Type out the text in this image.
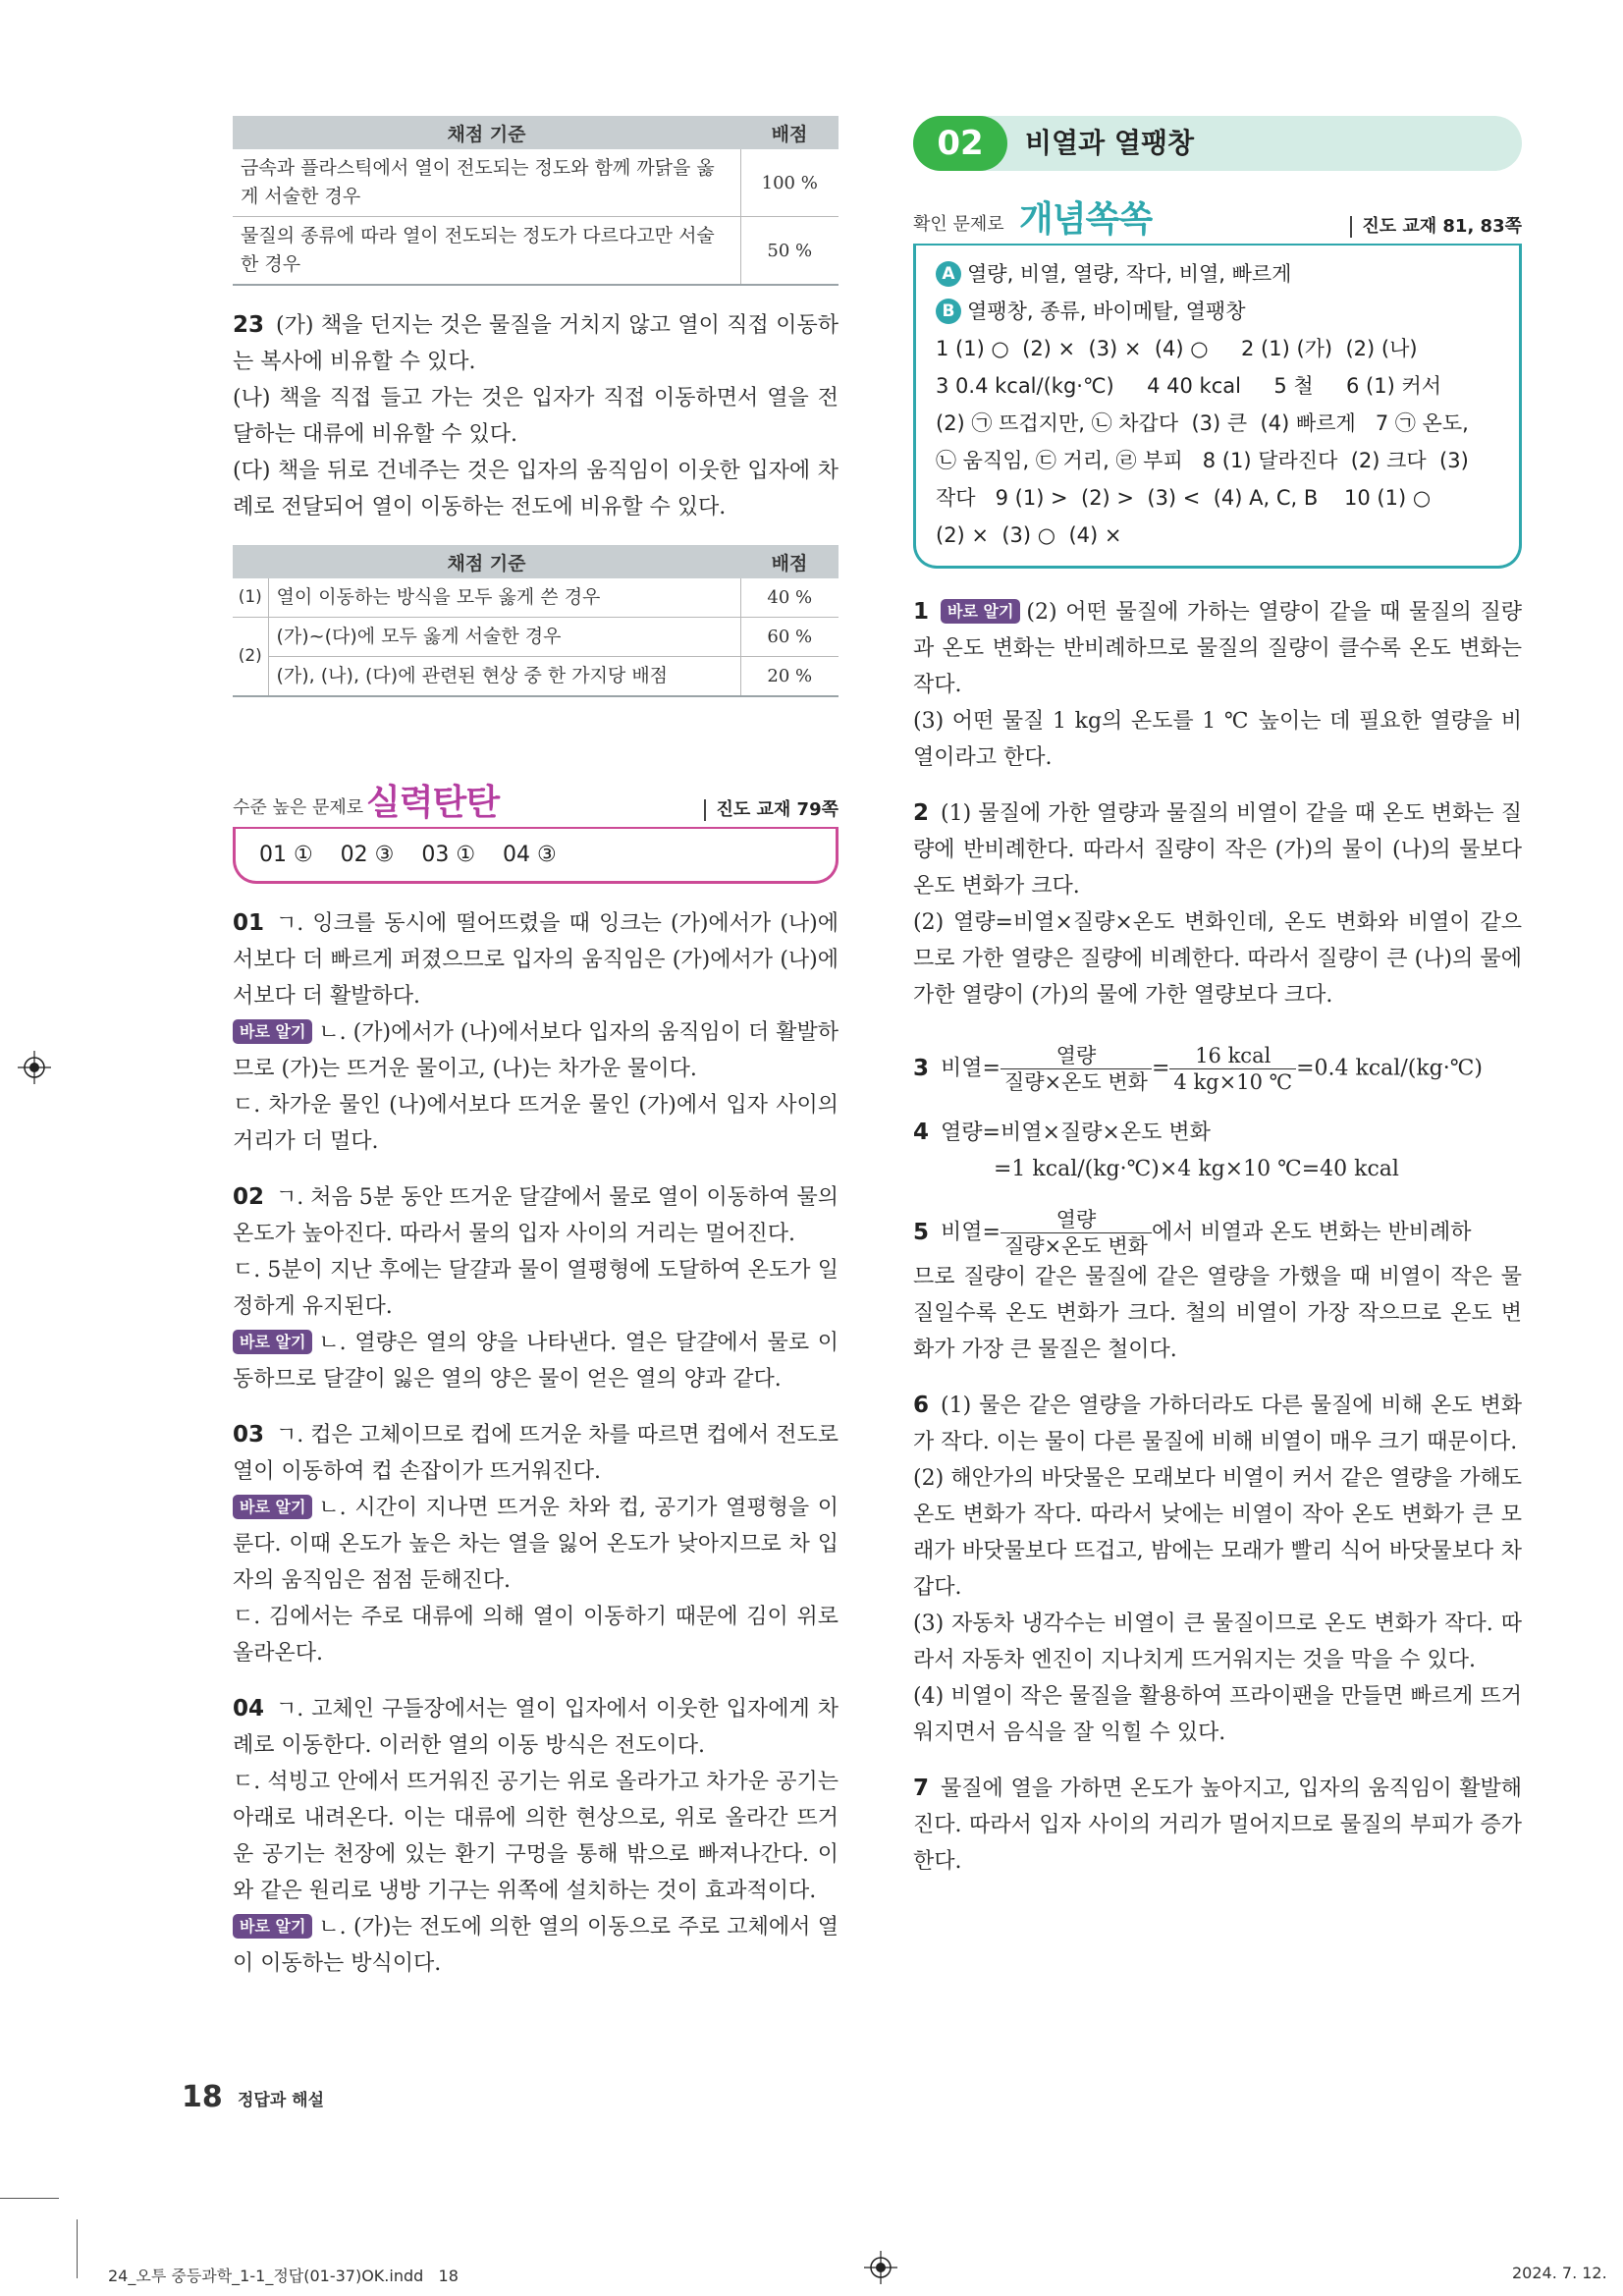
채점 기준	배점
금속과 플라스틱에서 열이 전도되는 정도와 함께 까닭을 옳게 서술한 경우	100 %
물질의 종류에 따라 열이 전도되는 정도가 다르다고만 서술한 경우	50 %
23 (가) 책을 던지는 것은 물질을 거치지 않고 열이 직접 이동하는 복사에 비유할 수 있다.
(나) 책을 직접 들고 가는 것은 입자가 직접 이동하면서 열을 전달하는 대류에 비유할 수 있다.
(다) 책을 뒤로 건네주는 것은 입자의 움직임이 이웃한 입자에 차례로 전달되어 열이 이동하는 전도에 비유할 수 있다.
채점 기준		배점
(1)	열이 이동하는 방식을 모두 옳게 쓴 경우	40 %
(2)	(가)~(다)에 모두 옳게 서술한 경우	60 %
	(가), (나), (다)에 관련된 현상 중 한 가지당 배점	20 %
수준 높은 문제로 실력탄탄	진도 교재 79쪽
01 ①    02 ③    03 ①    04 ③
01 ㄱ. 잉크를 동시에 떨어뜨렸을 때 잉크는 (가)에서가 (나)에서보다 더 빠르게 퍼졌으므로 입자의 움직임은 (가)에서가 (나)에서보다 더 활발하다.
바로 알기 ㄴ. (가)에서가 (나)에서보다 입자의 움직임이 더 활발하므로 (가)는 뜨거운 물이고, (나)는 차가운 물이다.
ㄷ. 차가운 물인 (나)에서보다 뜨거운 물인 (가)에서 입자 사이의 거리가 더 멀다.
02 ㄱ. 처음 5분 동안 뜨거운 달걀에서 물로 열이 이동하여 물의 온도가 높아진다. 따라서 물의 입자 사이의 거리는 멀어진다.
ㄷ. 5분이 지난 후에는 달걀과 물이 열평형에 도달하여 온도가 일정하게 유지된다.
바로 알기 ㄴ. 열량은 열의 양을 나타낸다. 열은 달걀에서 물로 이동하므로 달걀이 잃은 열의 양은 물이 얻은 열의 양과 같다.
03 ㄱ. 컵은 고체이므로 컵에 뜨거운 차를 따르면 컵에서 전도로 열이 이동하여 컵 손잡이가 뜨거워진다.
바로 알기 ㄴ. 시간이 지나면 뜨거운 차와 컵, 공기가 열평형을 이룬다. 이때 온도가 높은 차는 열을 잃어 온도가 낮아지므로 차 입자의 움직임은 점점 둔해진다.
ㄷ. 김에서는 주로 대류에 의해 열이 이동하기 때문에 김이 위로 올라온다.
04 ㄱ. 고체인 구들장에서는 열이 입자에서 이웃한 입자에게 차례로 이동한다. 이러한 열의 이동 방식은 전도이다.
ㄷ. 석빙고 안에서 뜨거워진 공기는 위로 올라가고 차가운 공기는 아래로 내려온다. 이는 대류에 의한 현상으로, 위로 올라간 뜨거운 공기는 천장에 있는 환기 구멍을 통해 밖으로 빠져나간다. 이와 같은 원리로 냉방 기구는 위쪽에 설치하는 것이 효과적이다.
바로 알기 ㄴ. (가)는 전도에 의한 열의 이동으로 주로 고체에서 열이 이동하는 방식이다.
02	비열과 열팽창
확인 문제로 개념쏙쏙	진도 교재 81, 83쪽
A 열량, 비열, 열량, 작다, 비열, 빠르게
B 열팽창, 종류, 바이메탈, 열팽창
1 (1) ○  (2) ×  (3) ×  (4) ○     2 (1) (가)  (2) (나)
3 0.4 kcal/(kg·℃)     4 40 kcal     5 철     6 (1) 커서
(2) ㉠ 뜨겁지만, ㉡ 차갑다  (3) 큰  (4) 빠르게   7 ㉠ 온도,
㉡ 움직임, ㉢ 거리, ㉣ 부피   8 (1) 달라진다  (2) 크다  (3)
작다   9 (1) >  (2) >  (3) <  (4) A, C, B    10 (1) ○
(2) ×  (3) ○  (4) ×
1 바로 알기 (2) 어떤 물질에 가하는 열량이 같을 때 물질의 질량과 온도 변화는 반비례하므로 물질의 질량이 클수록 온도 변화는 작다.
(3) 어떤 물질 1 kg의 온도를 1 ℃ 높이는 데 필요한 열량을 비열이라고 한다.
2 (1) 물질에 가한 열량과 물질의 비열이 같을 때 온도 변화는 질량에 반비례한다. 따라서 질량이 작은 (가)의 물이 (나)의 물보다 온도 변화가 크다.
(2) 열량=비열×질량×온도 변화인데, 온도 변화와 비열이 같으므로 가한 열량은 질량에 비례한다. 따라서 질량이 큰 (나)의 물에 가한 열량이 (가)의 물에 가한 열량보다 크다.
3 비열= $\frac{\text{열량}}{\text{질량×온도 변화}} = \frac{\text{16 kcal}}{4 kg\times 10 ℃} =0.4$ kcal/(kg·℃)
4 열량=비열×질량×온도 변화
=1 kcal/(kg·℃)×4 kg×10 ℃=40 kcal
5 비열= $\frac{\text{열량}}{\text{질량×온도 변화}}$ 에서 비열과 온도 변화는 반비례하
므로 질량이 같은 물질에 같은 열량을 가했을 때 비열이 작은 물질일수록 온도 변화가 크다. 철의 비열이 가장 작으므로 온도 변화가 가장 큰 물질은 철이다.
6 (1) 물은 같은 열량을 가하더라도 다른 물질에 비해 온도 변화가 작다. 이는 물이 다른 물질에 비해 비열이 매우 크기 때문이다.
(2) 해안가의 바닷물은 모래보다 비열이 커서 같은 열량을 가해도 온도 변화가 작다. 따라서 낮에는 비열이 작아 온도 변화가 큰 모래가 바닷물보다 뜨겁고, 밤에는 모래가 빨리 식어 바닷물보다 차갑다.
(3) 자동차 냉각수는 비열이 큰 물질이므로 온도 변화가 작다. 따라서 자동차 엔진이 지나치게 뜨거워지는 것을 막을 수 있다.
(4) 비열이 작은 물질을 활용하여 프라이팬을 만들면 빠르게 뜨거워지면서 음식을 잘 익힐 수 있다.
7 물질에 열을 가하면 온도가 높아지고, 입자의 움직임이 활발해진다. 따라서 입자 사이의 거리가 멀어지므로 물질의 부피가 증가한다.
18 정답과 해설
24_오투 중등과학_1-1_정답(01-37)OK.indd   18	2024. 7. 12.
